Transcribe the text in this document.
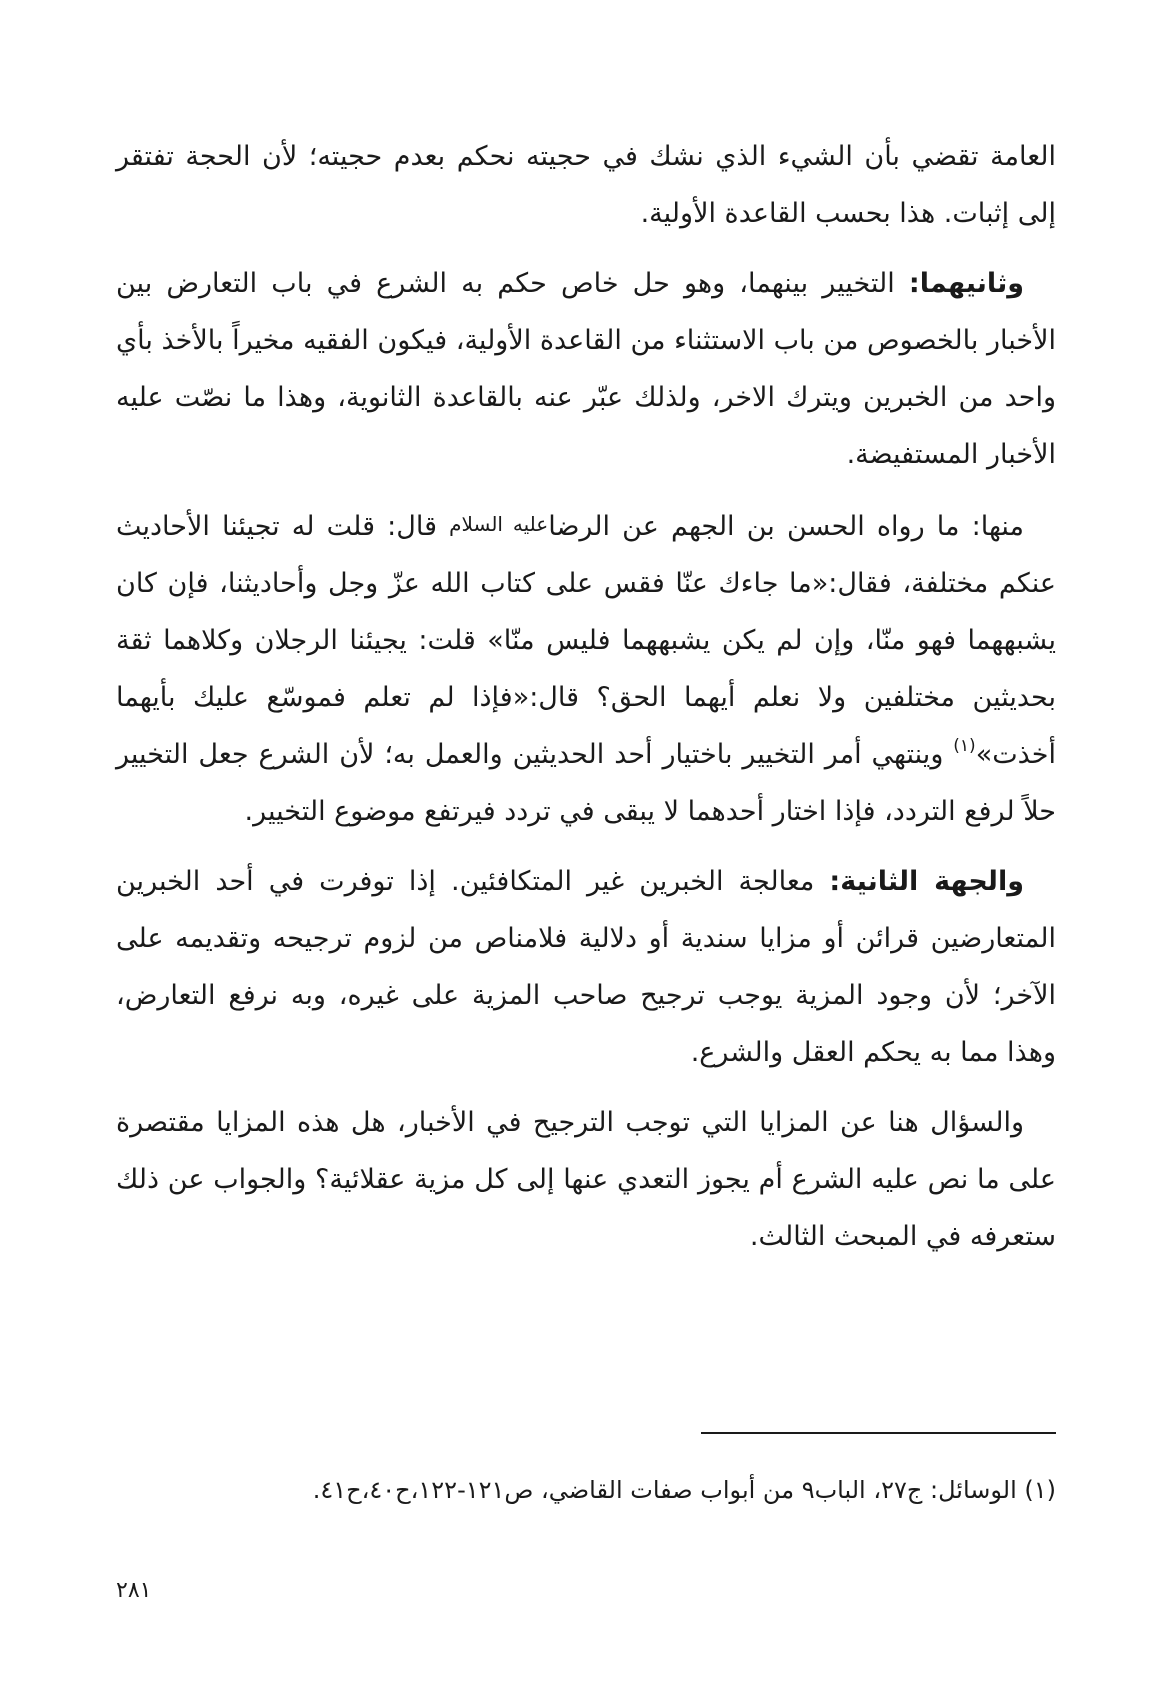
العامة تقضي بأن الشيء الذي نشك في حجيته نحكم بعدم حجيته؛ لأن الحجة تفتقر إلى إثبات. هذا بحسب القاعدة الأولية.

وثانيهما: التخيير بينهما، وهو حل خاص حكم به الشرع في باب التعارض بين الأخبار بالخصوص من باب الاستثناء من القاعدة الأولية، فيكون الفقيه مخيراً بالأخذ بأي واحد من الخبرين ويترك الاخر، ولذلك عبّر عنه بالقاعدة الثانوية، وهذا ما نصّت عليه الأخبار المستفيضة.

منها: ما رواه الحسن بن الجهم عن الرضاعليه السلام قال: قلت له تجيئنا الأحاديث عنكم مختلفة، فقال:«ما جاءك عنّا فقس على كتاب الله عزّ وجل وأحاديثنا، فإن كان يشبههما فهو منّا، وإن لم يكن يشبههما فليس منّا» قلت: يجيئنا الرجلان وكلاهما ثقة بحديثين مختلفين ولا نعلم أيهما الحق؟ قال:«فإذا لم تعلم فموسّع عليك بأيهما أخذت»$^{(١)}$ وينتهي أمر التخيير باختيار أحد الحديثين والعمل به؛ لأن الشرع جعل التخيير حلاً لرفع التردد، فإذا اختار أحدهما لا يبقى في تردد فيرتفع موضوع التخيير.

والجهة الثانية: معالجة الخبرين غير المتكافئين. إذا توفرت في أحد الخبرين المتعارضين قرائن أو مزايا سندية أو دلالية فلامناص من لزوم ترجيحه وتقديمه على الآخر؛ لأن وجود المزية يوجب ترجيح صاحب المزية على غيره، وبه نرفع التعارض، وهذا مما به يحكم العقل والشرع.

والسؤال هنا عن المزايا التي توجب الترجيح في الأخبار، هل هذه المزايا مقتصرة على ما نص عليه الشرع أم يجوز التعدي عنها إلى كل مزية عقلائية؟ والجواب عن ذلك ستعرفه في المبحث الثالث.

(١) الوسائل: ج٢٧، الباب٩ من أبواب صفات القاضي، ص١٢١-١٢٢،ح٤٠،ح٤١.
٢٨١
